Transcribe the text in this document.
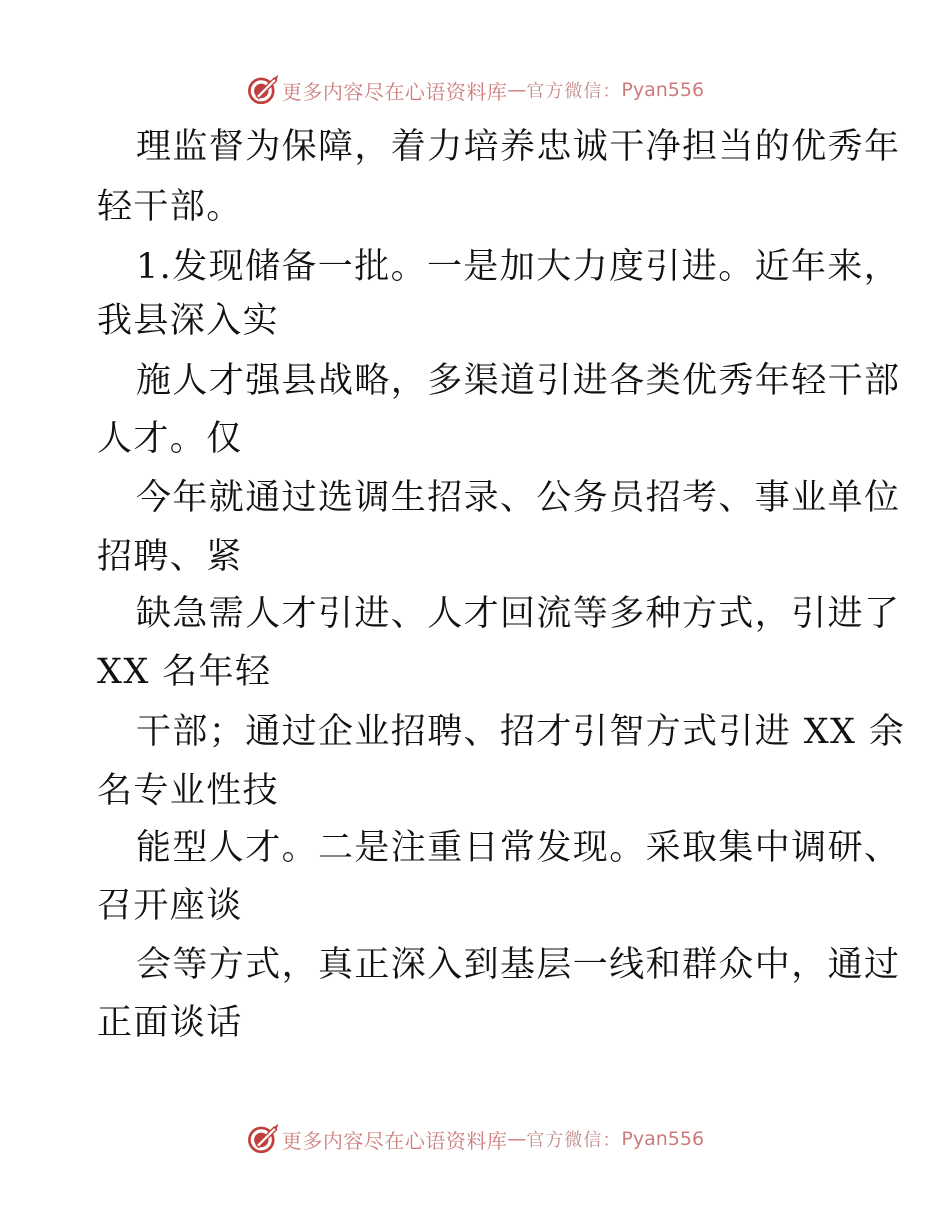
更多内容尽在心语资料库 — 官方微信： Pyan556
理监督为保障，着力培养忠诚干净担当的优秀年
轻干部。
1.发现储备一批。一是加大力度引进。近年来，
我县深入实
施人才强县战略，多渠道引进各类优秀年轻干部
人才。仅
今年就通过选调生招录、公务员招考、事业单位
招聘、紧
缺急需人才引进、人才回流等多种方式，引进了
XX 名年轻
干部；通过企业招聘、招才引智方式引进 XX 余
名专业性技
能型人才。二是注重日常发现。采取集中调研、
召开座谈
会等方式，真正深入到基层一线和群众中，通过
正面谈话
更多内容尽在心语资料库 — 官方微信： Pyan556
